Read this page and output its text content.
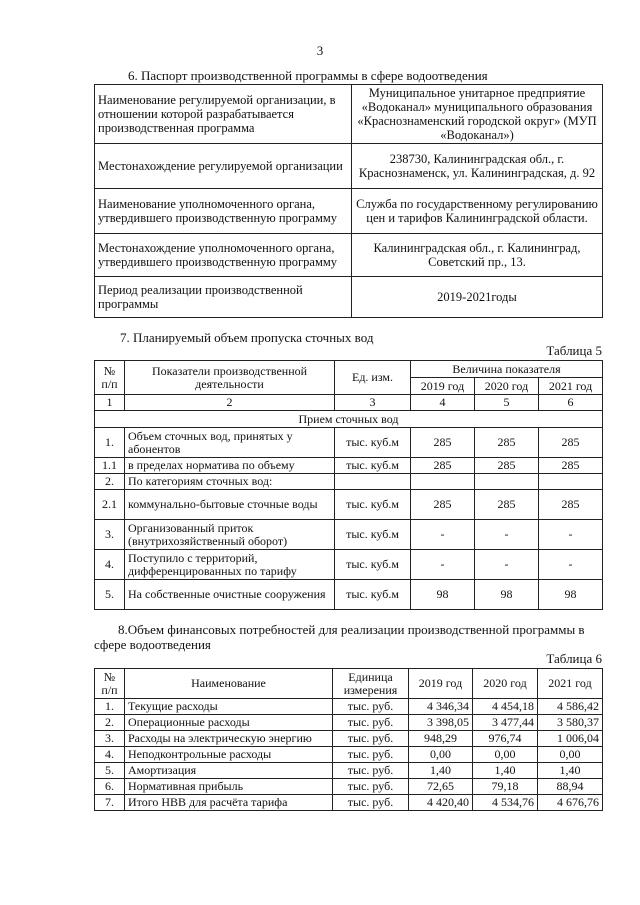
3
6. Паспорт производственной программы в сфере водоотведения
Наименование регулируемой организации, в отношении которой разрабатывается производственная программа	Муниципальное унитарное предприятие «Водоканал» муниципального образования «Краснознаменский городской округ» (МУП «Водоканал»)
Местонахождение регулируемой организации	238730, Калининградская обл., г. Краснознаменск, ул. Калининградская, д. 92
Наименование уполномоченного органа, утвердившего производственную программу	Служба по государственному регулированию цен и тарифов Калининградской области.
Местонахождение уполномоченного органа, утвердившего производственную программу	Калининградская обл., г. Калининград, Советский пр., 13.
Период реализации производственной программы	2019-2021годы
7. Планируемый объем пропуска сточных вод
Таблица 5
№ п/п	Показатели производственной деятельности	Ед. изм.	Величина показателя		
			2019 год	2020 год	2021 год
1	2	3	4	5	6
Прием сточных вод					
1.	Объем сточных вод, принятых у абонентов	тыс. куб.м	285	285	285
1.1	в пределах норматива по объему	тыс. куб.м	285	285	285
2.	По категориям сточных вод:				
2.1	коммунально-бытовые сточные воды	тыс. куб.м	285	285	285
3.	Организованный приток (внутрихозяйственный оборот)	тыс. куб.м	-	-	-
4.	Поступило с территорий, дифференцированных по тарифу	тыс. куб.м	-	-	-
5.	На собственные очистные сооружения	тыс. куб.м	98	98	98
8.Объем финансовых потребностей для реализации производственной программы в сфере водоотведения
Таблица 6
№ п/п	Наименование	Единица измерения	2019 год	2020 год	2021 год
1.	Текущие расходы	тыс. руб.	4 346,34	4 454,18	4 586,42
2.	Операционные расходы	тыс. руб.	3 398,05	3 477,44	3 580,37
3.	Расходы на электрическую энергию	тыс. руб.	948,29	976,74	1 006,04
4.	Неподконтрольные расходы	тыс. руб.	0,00	0,00	0,00
5.	Амортизация	тыс. руб.	1,40	1,40	1,40
6.	Нормативная прибыль	тыс. руб.	72,65	79,18	88,94
7.	Итого НВВ для расчёта тарифа	тыс. руб.	4 420,40	4 534,76	4 676,76
